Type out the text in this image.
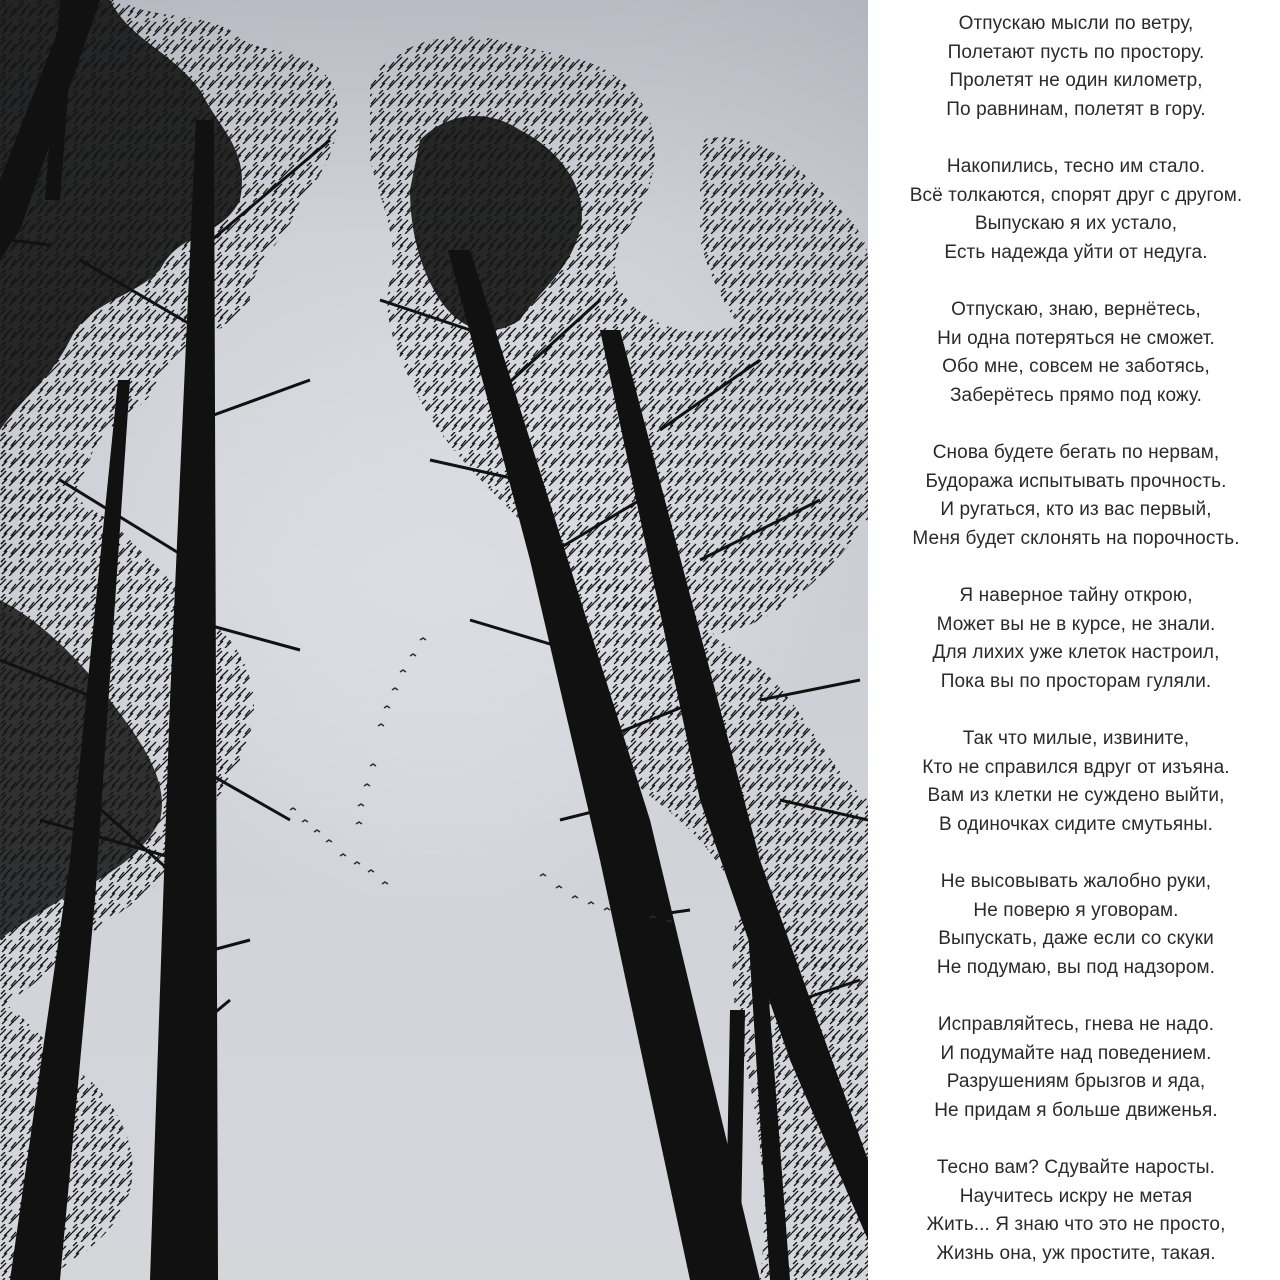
Отпускаю мысли по ветру,
Полетают пусть по простору.
Пролетят не один километр,
По равнинам, полетят в гору.
Накопились, тесно им стало.
Всё толкаются, спорят друг с другом.
Выпускаю я их устало,
Есть надежда уйти от недуга.
Отпускаю, знаю, вернётесь,
Ни одна потеряться не сможет.
Обо мне, совсем не заботясь,
Заберётесь прямо под кожу.
Снова будете бегать по нервам,
Будоража испытывать прочность.
И ругаться, кто из вас первый,
Меня будет склонять на порочность.
Я наверное тайну открою,
Может вы не в курсе, не знали.
Для лихих уже клеток настроил,
Пока вы по просторам гуляли.
Так что милые, извините,
Кто не справился вдруг от изъяна.
Вам из клетки не суждено выйти,
В одиночках сидите смутьяны.
Не высовывать жалобно руки,
Не поверю я уговорам.
Выпускать, даже если со скуки
Не подумаю, вы под надзором.
Исправляйтесь, гнева не надо.
И подумайте над поведением.
Разрушениям брызгов и яда,
Не придам я больше движенья.
Тесно вам? Сдувайте наросты.
Научитесь искру не метая
Жить... Я знаю что это не просто,
Жизнь она, уж простите, такая.
